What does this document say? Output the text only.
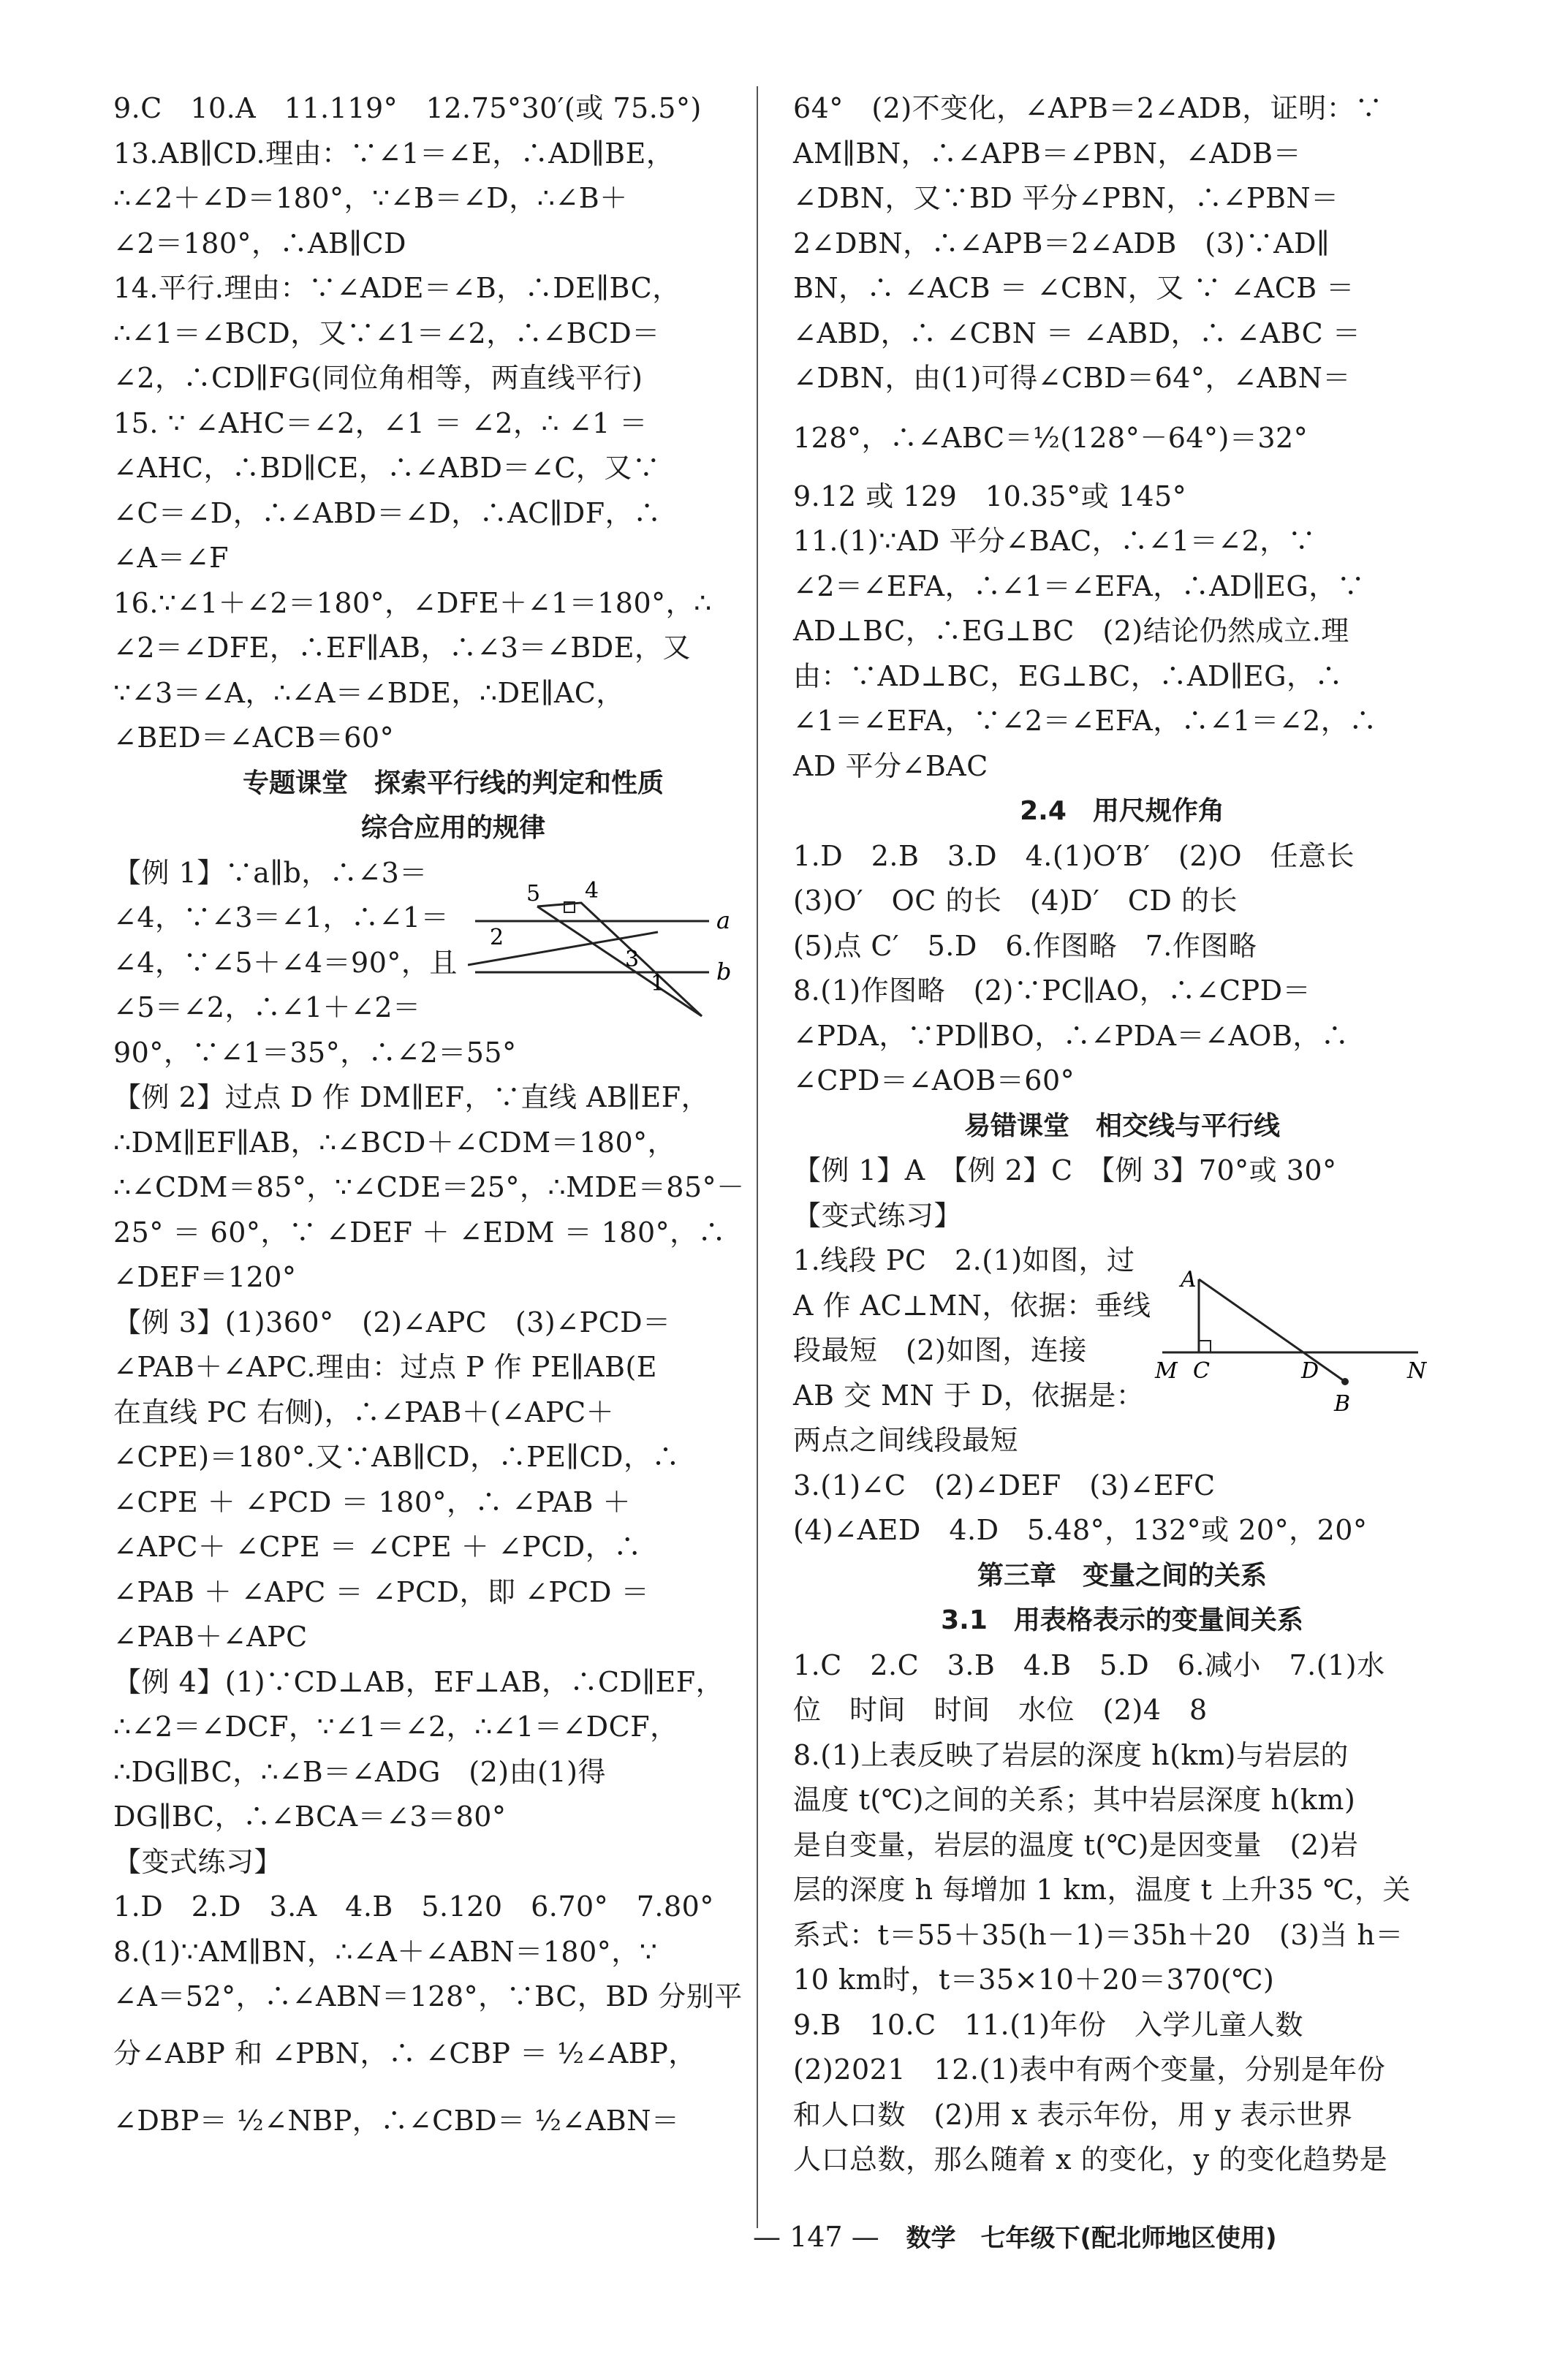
9.C　10.A　11.119°　12.75°30′(或 75.5°)
13.AB∥CD.理由：∵∠1＝∠E，∴AD∥BE，
∴∠2＋∠D＝180°，∵∠B＝∠D，∴∠B＋
∠2＝180°，∴AB∥CD
14.平行.理由：∵∠ADE＝∠B，∴DE∥BC，
∴∠1＝∠BCD，又∵∠1＝∠2，∴∠BCD＝
∠2，∴CD∥FG(同位角相等，两直线平行)
15. ∵ ∠AHC＝∠2，∠1 ＝ ∠2，∴ ∠1 ＝
∠AHC，∴BD∥CE，∴∠ABD＝∠C，又∵
∠C＝∠D，∴∠ABD＝∠D，∴AC∥DF，∴
∠A＝∠F
16.∵∠1＋∠2＝180°，∠DFE＋∠1＝180°，∴
∠2＝∠DFE，∴EF∥AB，∴∠3＝∠BDE，又
∵∠3＝∠A，∴∠A＝∠BDE，∴DE∥AC，
∠BED＝∠ACB＝60°
专题课堂　探索平行线的判定和性质
综合应用的规律
【例 1】∵a∥b，∴∠3＝
∠4，∵∠3＝∠1，∴∠1＝
∠4，∵∠5＋∠4＝90°，且
∠5＝∠2，∴∠1＋∠2＝
90°，∵∠1＝35°，∴∠2＝55°
【例 2】过点 D 作 DM∥EF，∵直线 AB∥EF，
∴DM∥EF∥AB，∴∠BCD＋∠CDM＝180°，
∴∠CDM＝85°，∵∠CDE＝25°，∴MDE＝85°－
25° ＝ 60°，∵ ∠DEF ＋ ∠EDM ＝ 180°，∴
∠DEF＝120°
【例 3】(1)360°　(2)∠APC　(3)∠PCD＝
∠PAB＋∠APC.理由：过点 P 作 PE∥AB(E
在直线 PC 右侧)，∴∠PAB＋(∠APC＋
∠CPE)＝180°.又∵AB∥CD，∴PE∥CD，∴
∠CPE ＋ ∠PCD ＝ 180°，∴ ∠PAB ＋
∠APC＋ ∠CPE ＝ ∠CPE ＋ ∠PCD，∴
∠PAB ＋ ∠APC ＝ ∠PCD，即 ∠PCD ＝
∠PAB＋∠APC
【例 4】(1)∵CD⊥AB，EF⊥AB，∴CD∥EF，
∴∠2＝∠DCF，∵∠1＝∠2，∴∠1＝∠DCF，
∴DG∥BC，∴∠B＝∠ADG　(2)由(1)得
DG∥BC，∴∠BCA＝∠3＝80°
【变式练习】
1.D　2.D　3.A　4.B　5.120　6.70°　7.80°
8.(1)∵AM∥BN，∴∠A＋∠ABN＝180°，∵
∠A＝52°，∴∠ABN＝128°，∵BC，BD 分别平
分∠ABP 和 ∠PBN，∴ ∠CBP ＝ ½∠ABP，
∠DBP＝ ½∠NBP，∴∠CBD＝ ½∠ABN＝
64°　(2)不变化，∠APB＝2∠ADB，证明：∵
AM∥BN，∴∠APB＝∠PBN，∠ADB＝
∠DBN，又∵BD 平分∠PBN，∴∠PBN＝
2∠DBN，∴∠APB＝2∠ADB　(3)∵AD∥
BN，∴ ∠ACB ＝ ∠CBN，又 ∵ ∠ACB ＝
∠ABD，∴ ∠CBN ＝ ∠ABD，∴ ∠ABC ＝
∠DBN，由(1)可得∠CBD＝64°，∠ABN＝
128°，∴∠ABC＝½(128°－64°)＝32°
9.12 或 129　10.35°或 145°
11.(1)∵AD 平分∠BAC，∴∠1＝∠2，∵
∠2＝∠EFA，∴∠1＝∠EFA，∴AD∥EG，∵
AD⊥BC，∴EG⊥BC　(2)结论仍然成立.理
由：∵AD⊥BC，EG⊥BC，∴AD∥EG，∴
∠1＝∠EFA，∵∠2＝∠EFA，∴∠1＝∠2，∴
AD 平分∠BAC
2.4　用尺规作角
1.D　2.B　3.D　4.(1)O′B′　(2)O　任意长
(3)O′　OC 的长　(4)D′　CD 的长
(5)点 C′　5.D　6.作图略　7.作图略
8.(1)作图略　(2)∵PC∥AO，∴∠CPD＝
∠PDA，∵PD∥BO，∴∠PDA＝∠AOB，∴
∠CPD＝∠AOB＝60°
易错课堂　相交线与平行线
【例 1】A　【例 2】C　【例 3】70°或 30°
【变式练习】
1.线段 PC　2.(1)如图，过
A 作 AC⊥MN，依据：垂线
段最短　(2)如图，连接
AB 交 MN 于 D，依据是：
两点之间线段最短
3.(1)∠C　(2)∠DEF　(3)∠EFC
(4)∠AED　4.D　5.48°，132°或 20°，20°
第三章　变量之间的关系
3.1　用表格表示的变量间关系
1.C　2.C　3.B　4.B　5.D　6.减小　7.(1)水
位　时间　时间　水位　(2)4　8
8.(1)上表反映了岩层的深度 h(km)与岩层的
温度 t(℃)之间的关系；其中岩层深度 h(km)
是自变量，岩层的温度 t(℃)是因变量　(2)岩
层的深度 h 每增加 1 km，温度 t 上升35 ℃，关
系式：t＝55＋35(h－1)＝35h＋20　(3)当 h＝
10 km时，t＝35×10＋20＝370(℃)
9.B　10.C　11.(1)年份　入学儿童人数
(2)2021　12.(1)表中有两个变量，分别是年份
和人口数　(2)用 x 表示年份，用 y 表示世界
人口总数，那么随着 x 的变化，y 的变化趋势是
5 4
2
a
3
1 b
A
M C	D	N
B
— 147 — 数学　七年级下(配北师地区使用)
